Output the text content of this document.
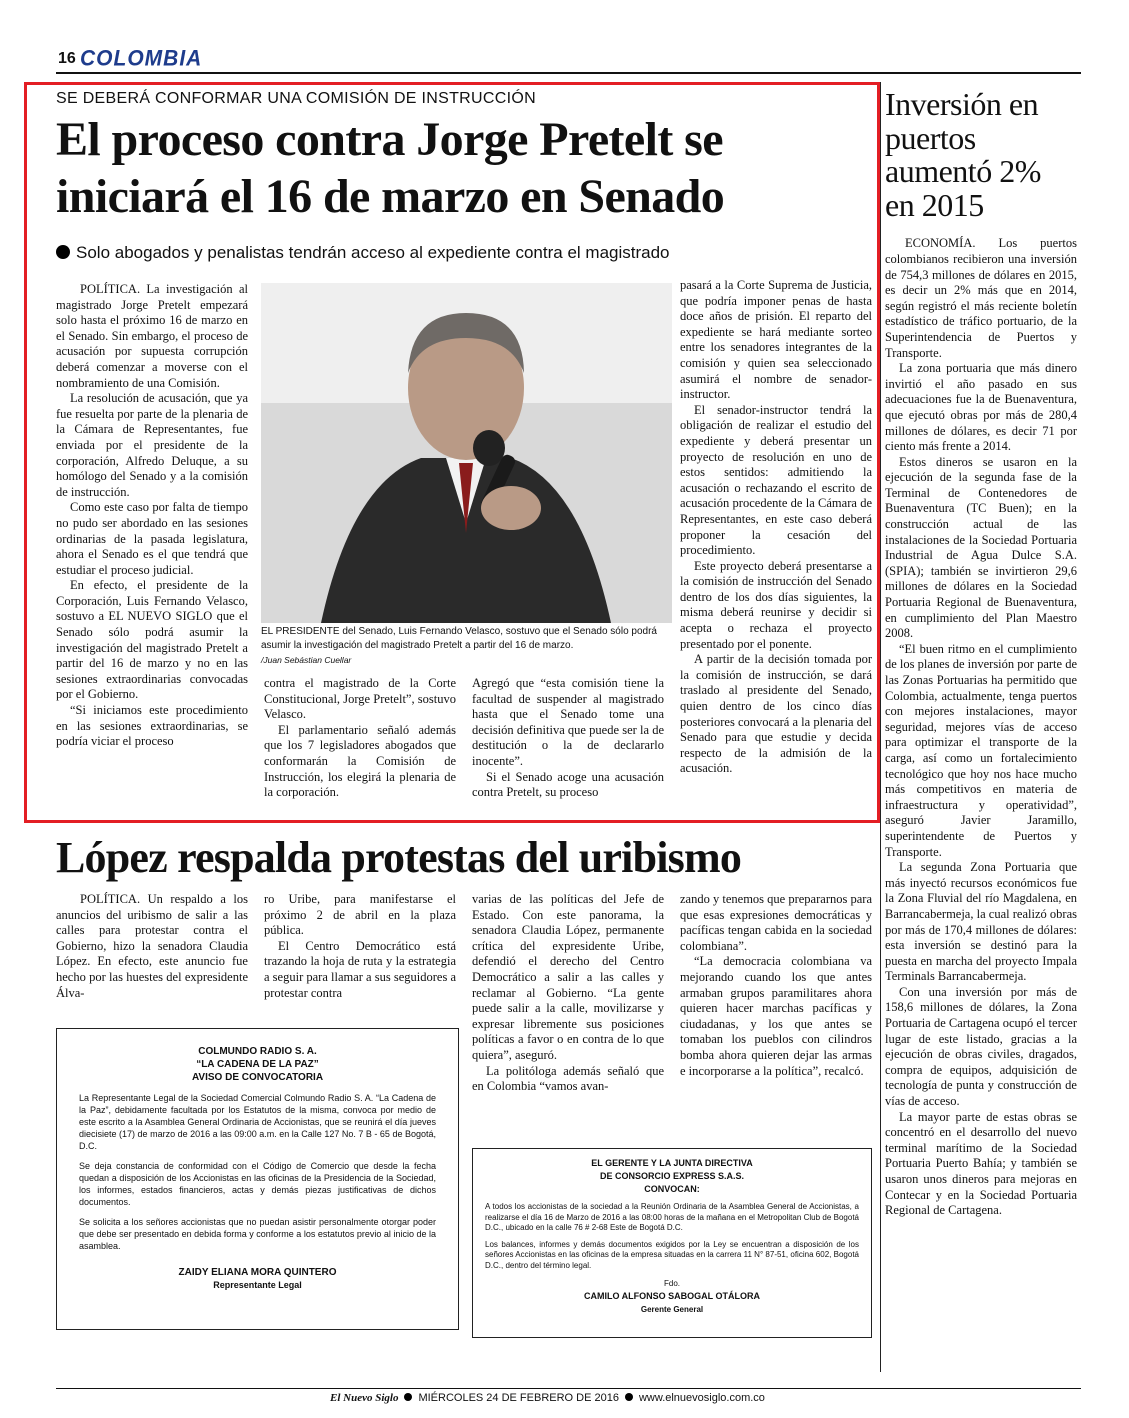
16 COLOMBIA
SE DEBERÁ CONFORMAR UNA COMISIÓN DE INSTRUCCIÓN
El proceso contra Jorge Pretelt se iniciará el 16 de marzo en Senado
Solo abogados y penalistas tendrán acceso al expediente contra el magistrado

POLÍTICA. La investigación al magistrado Jorge Pretelt empezará solo hasta el próximo 16 de marzo en el Senado. Sin embargo, el proceso de acusación por supuesta corrupción deberá comenzar a moverse con el nombramiento de una Comisión.

La resolución de acusación, que ya fue resuelta por parte de la plenaria de la Cámara de Representantes, fue enviada por el presidente de la corporación, Alfredo Deluque, a su homólogo del Senado y a la comisión de instrucción.

Como este caso por falta de tiempo no pudo ser abordado en las sesiones ordinarias de la pasada legislatura, ahora el Senado es el que tendrá que estudiar el proceso judicial.

En efecto, el presidente de la Corporación, Luis Fernando Velasco, sostuvo a EL NUEVO SIGLO que el Senado sólo podrá asumir la investigación del magistrado Pretelt a partir del 16 de marzo y no en las sesiones extraordinarias convocadas por el Gobierno.

“Si iniciamos este procedimiento en las sesiones extraordinarias, se podría viciar el proceso

EL PRESIDENTE del Senado, Luis Fernando Velasco, sostuvo que el Senado sólo podrá asumir la investigación del magistrado Pretelt a partir del 16 de marzo.
/Juan Sebástian Cuellar

contra el magistrado de la Corte Constitucional, Jorge Pretelt”, sostuvo Velasco.

El parlamentario señaló además que los 7 legisladores abogados que conformarán la Comisión de Instrucción, los elegirá la plenaria de la corporación.

Agregó que “esta comisión tiene la facultad de suspender al magistrado hasta que el Senado tome una decisión definitiva que puede ser la de destitución o la de declararlo inocente”.

Si el Senado acoge una acusación contra Pretelt, su proceso

pasará a la Corte Suprema de Justicia, que podría imponer penas de hasta doce años de prisión. El reparto del expediente se hará mediante sorteo entre los senadores integrantes de la comisión y quien sea seleccionado asumirá el nombre de senador-instructor.

El senador-instructor tendrá la obligación de realizar el estudio del expediente y deberá presentar un proyecto de resolución en uno de estos sentidos: admitiendo la acusación o rechazando el escrito de acusación procedente de la Cámara de Representantes, en este caso deberá proponer la cesación del procedimiento.

Este proyecto deberá presentarse a la comisión de instrucción del Senado dentro de los dos días siguientes, la misma deberá reunirse y decidir si acepta o rechaza el proyecto presentado por el ponente.

A partir de la decisión tomada por la comisión de instrucción, se dará traslado al presidente del Senado, quien dentro de los cinco días posteriores convocará a la plenaria del Senado para que estudie y decida respecto de la admisión de la acusación.

Inversión en puertos aumentó 2% en 2015

ECONOMÍA. Los puertos colombianos recibieron una inversión de 754,3 millones de dólares en 2015, es decir un 2% más que en 2014, según registró el más reciente boletín estadístico de tráfico portuario, de la Superintendencia de Puertos y Transporte.

La zona portuaria que más dinero invirtió el año pasado en sus adecuaciones fue la de Buenaventura, que ejecutó obras por más de 280,4 millones de dólares, es decir 71 por ciento más frente a 2014.

Estos dineros se usaron en la ejecución de la segunda fase de la Terminal de Contenedores de Buenaventura (TC Buen); en la construcción actual de las instalaciones de la Sociedad Portuaria Industrial de Agua Dulce S.A. (SPIA); también se invirtieron 29,6 millones de dólares en la Sociedad Portuaria Regional de Buenaventura, en cumplimiento del Plan Maestro 2008.

“El buen ritmo en el cumplimiento de los planes de inversión por parte de las Zonas Portuarias ha permitido que Colombia, actualmente, tenga puertos con mejores instalaciones, mayor seguridad, mejores vías de acceso para optimizar el transporte de la carga, así como un fortalecimiento tecnológico que hoy nos hace mucho más competitivos en materia de infraestructura y operatividad”, aseguró Javier Jaramillo, superintendente de Puertos y Transporte.

La segunda Zona Portuaria que más inyectó recursos económicos fue la Zona Fluvial del río Magdalena, en Barrancabermeja, la cual realizó obras por más de 170,4 millones de dólares: esta inversión se destinó para la puesta en marcha del proyecto Impala Terminals Barrancabermeja.

Con una inversión por más de 158,6 millones de dólares, la Zona Portuaria de Cartagena ocupó el tercer lugar de este listado, gracias a la ejecución de obras civiles, dragados, compra de equipos, adquisición de tecnología de punta y construcción de vías de acceso.

La mayor parte de estas obras se concentró en el desarrollo del nuevo terminal marítimo de la Sociedad Portuaria Puerto Bahía; y también se usaron unos dineros para mejoras en Contecar y en la Sociedad Portuaria Regional de Cartagena.

López respalda protestas del uribismo

POLÍTICA. Un respaldo a los anuncios del uribismo de salir a las calles para protestar contra el Gobierno, hizo la senadora Claudia López. En efecto, este anuncio fue hecho por las huestes del expresidente Álva-

ro Uribe, para manifestarse el próximo 2 de abril en la plaza pública.

El Centro Democrático está trazando la hoja de ruta y la estrategia a seguir para llamar a sus seguidores a protestar contra

varias de las políticas del Jefe de Estado. Con este panorama, la senadora Claudia López, permanente crítica del expresidente Uribe, defendió el derecho del Centro Democrático a salir a las calles y reclamar al Gobierno. “La gente puede salir a la calle, movilizarse y expresar libremente sus posiciones políticas a favor o en contra de lo que quiera”, aseguró.

La politóloga además señaló que en Colombia “vamos avan-

zando y tenemos que prepararnos para que esas expresiones democráticas y pacíficas tengan cabida en la sociedad colombiana”.

“La democracia colombiana va mejorando cuando los que antes armaban grupos paramilitares ahora quieren hacer marchas pacíficas y ciudadanas, y los que antes se tomaban los pueblos con cilindros bomba ahora quieren dejar las armas e incorporarse a la política”, recalcó.

COLMUNDO RADIO S. A.
“LA CADENA DE LA PAZ”
AVISO DE CONVOCATORIA

La Representante Legal de la Sociedad Comercial Colmundo Radio S. A. “La Cadena de la Paz”, debidamente facultada por los Estatutos de la misma, convoca por medio de este escrito a la Asamblea General Ordinaria de Accionistas, que se reunirá el día jueves diecisiete (17) de marzo de 2016 a las 09:00 a.m. en la Calle 127 No. 7 B - 65 de Bogotá, D.C.

Se deja constancia de conformidad con el Código de Comercio que desde la fecha quedan a disposición de los Accionistas en las oficinas de la Presidencia de la Sociedad, los informes, estados financieros, actas y demás piezas justificativas de dichos documentos.

Se solicita a los señores accionistas que no puedan asistir personalmente otorgar poder que debe ser presentado en debida forma y conforme a los estatutos previo al inicio de la asamblea.

ZAIDY ELIANA MORA QUINTERO
Representante Legal
EL GERENTE Y LA JUNTA DIRECTIVA
DE CONSORCIO EXPRESS S.A.S.
CONVOCAN:

A todos los accionistas de la sociedad a la Reunión Ordinaria de la Asamblea General de Accionistas, a realizarse el día 16 de Marzo de 2016 a las 08:00 horas de la mañana en el Metropolitan Club de Bogotá D.C., ubicado en la calle 76 # 2-68 Este de Bogotá D.C.

Los balances, informes y demás documentos exigidos por la Ley se encuentran a disposición de los señores Accionistas en las oficinas de la empresa situadas en la carrera 11 N° 87-51, oficina 602, Bogotá D.C., dentro del término legal.

Fdo.
CAMILO ALFONSO SABOGAL OTÁLORA
Gerente General
El Nuevo Siglo MIÉRCOLES 24 DE FEBRERO DE 2016 www.elnuevosiglo.com.co
